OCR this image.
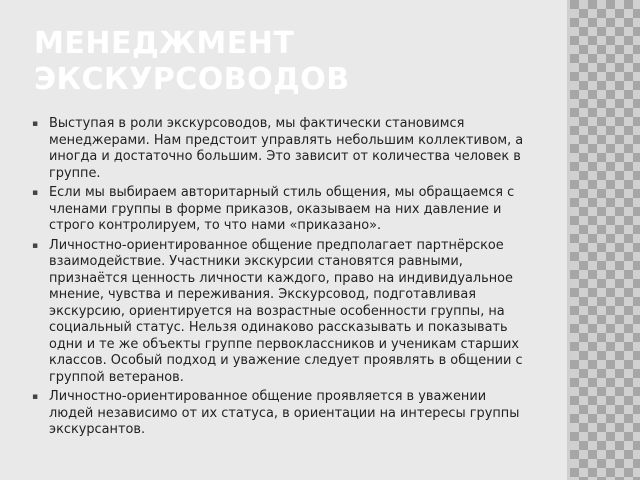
МЕНЕДЖМЕНТ ЭКСКУРСОВОДОВ
▪ Выступая в роли экскурсоводов, мы фактически становимся менеджерами. Нам предстоит управлять небольшим коллективом, а иногда и достаточно большим. Это зависит от количества человек в группе.
▪ Если мы выбираем авторитарный стиль общения, мы обращаемся с членами группы в форме приказов, оказываем на них давление и строго контролируем, то что нами «приказано».
▪ Личностно-ориентированное общение предполагает партнёрское взаимодействие. Участники экскурсии становятся равными, признаётся ценность личности каждого, право на индивидуальное мнение, чувства и переживания. Экскурсовод, подготавливая экскурсию, ориентируется на возрастные особенности группы, на социальный статус. Нельзя одинаково рассказывать и показывать одни и те же объекты группе первоклассников и ученикам старших классов. Особый подход и уважение следует проявлять в общении с группой ветеранов.
▪ Личностно-ориентированное общение проявляется в уважении людей независимо от их статуса, в ориентации на интересы группы экскурсантов.
